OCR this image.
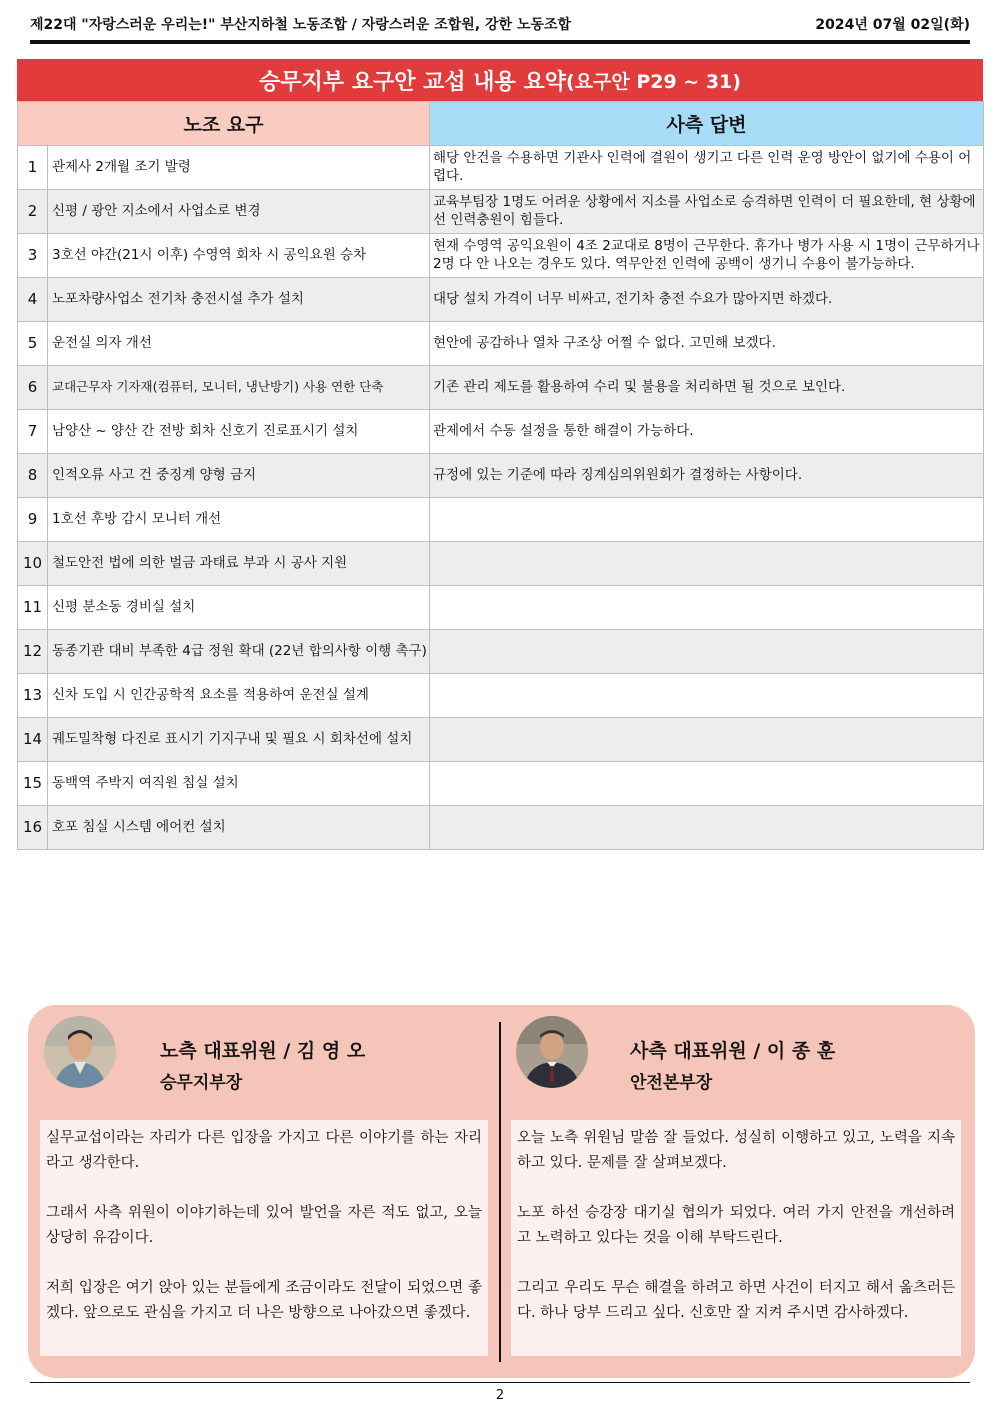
제22대 "자랑스러운 우리는!" 부산지하철 노동조합 / 자랑스러운 조합원, 강한 노동조합	2024년 07월 02일(화)
승무지부 요구안 교섭 내용 요약 (요구안 P29 ~ 31)
노조 요구		사측 답변
1	관제사 2개월 조기 발령	해당 안건을 수용하면 기관사 인력에 결원이 생기고 다른 인력 운영 방안이 없기에 수용이 어렵다.
2	신평 / 광안 지소에서 사업소로 변경	교육부팀장 1명도 어려운 상황에서 지소를 사업소로 승격하면 인력이 더 필요한데, 현 상황에선 인력충원이 힘들다.
3	3호선 야간(21시 이후) 수영역 회차 시 공익요원 승차	현재 수영역 공익요원이 4조 2교대로 8명이 근무한다. 휴가나 병가 사용 시 1명이 근무하거나 2명 다 안 나오는 경우도 있다. 역무안전 인력에 공백이 생기니 수용이 불가능하다.
4	노포차량사업소 전기차 충전시설 추가 설치	대당 설치 가격이 너무 비싸고, 전기차 충전 수요가 많아지면 하겠다.
5	운전실 의자 개선	현안에 공감하나 열차 구조상 어쩔 수 없다. 고민해 보겠다.
6	교대근무자 기자재(컴퓨터, 모니터, 냉난방기) 사용 연한 단축	기존 관리 제도를 활용하여 수리 및 불용을 처리하면 될 것으로 보인다.
7	남양산 ~ 양산 간 전방 회차 신호기 진로표시기 설치	관제에서 수동 설정을 통한 해결이 가능하다.
8	인적오류 사고 건 중징계 양형 금지	규정에 있는 기준에 따라 징계심의위원회가 결정하는 사항이다.
9	1호선 후방 감시 모니터 개선	
10	철도안전 법에 의한 벌금 과태료 부과 시 공사 지원	
11	신평 분소동 경비실 설치	
12	동종기관 대비 부족한 4급 정원 확대 (22년 합의사항 이행 촉구)	
13	신차 도입 시 인간공학적 요소를 적용하여 운전실 설계	
14	궤도밀착형 다진로 표시기 기지구내 및 필요 시 회차선에 설치	
15	동백역 주박지 여직원 침실 설치	
16	호포 침실 시스템 에어컨 설치	
노측 대표위원 / 김 영 오
승무지부장

실무교섭이라는 자리가 다른 입장을 가지고 다른 이야기를 하는 자리라고 생각한다.

그래서 사측 위원이 이야기하는데 있어 발언을 자른 적도 없고, 오늘 상당히 유감이다.

저희 입장은 여기 앉아 있는 분들에게 조금이라도 전달이 되었으면 좋겠다. 앞으로도 관심을 가지고 더 나은 방향으로 나아갔으면 좋겠다.

사측 대표위원 / 이 종 훈
안전본부장

오늘 노측 위원님 말씀 잘 들었다. 성실히 이행하고 있고, 노력을 지속하고 있다. 문제를 잘 살펴보겠다.

노포 하선 승강장 대기실 협의가 되었다. 여러 가지 안전을 개선하려고 노력하고 있다는 것을 이해 부탁드린다.

그리고 우리도 무슨 해결을 하려고 하면 사건이 터지고 해서 옮츠러든다. 하나 당부 드리고 싶다. 신호만 잘 지켜 주시면 감사하겠다.

2
